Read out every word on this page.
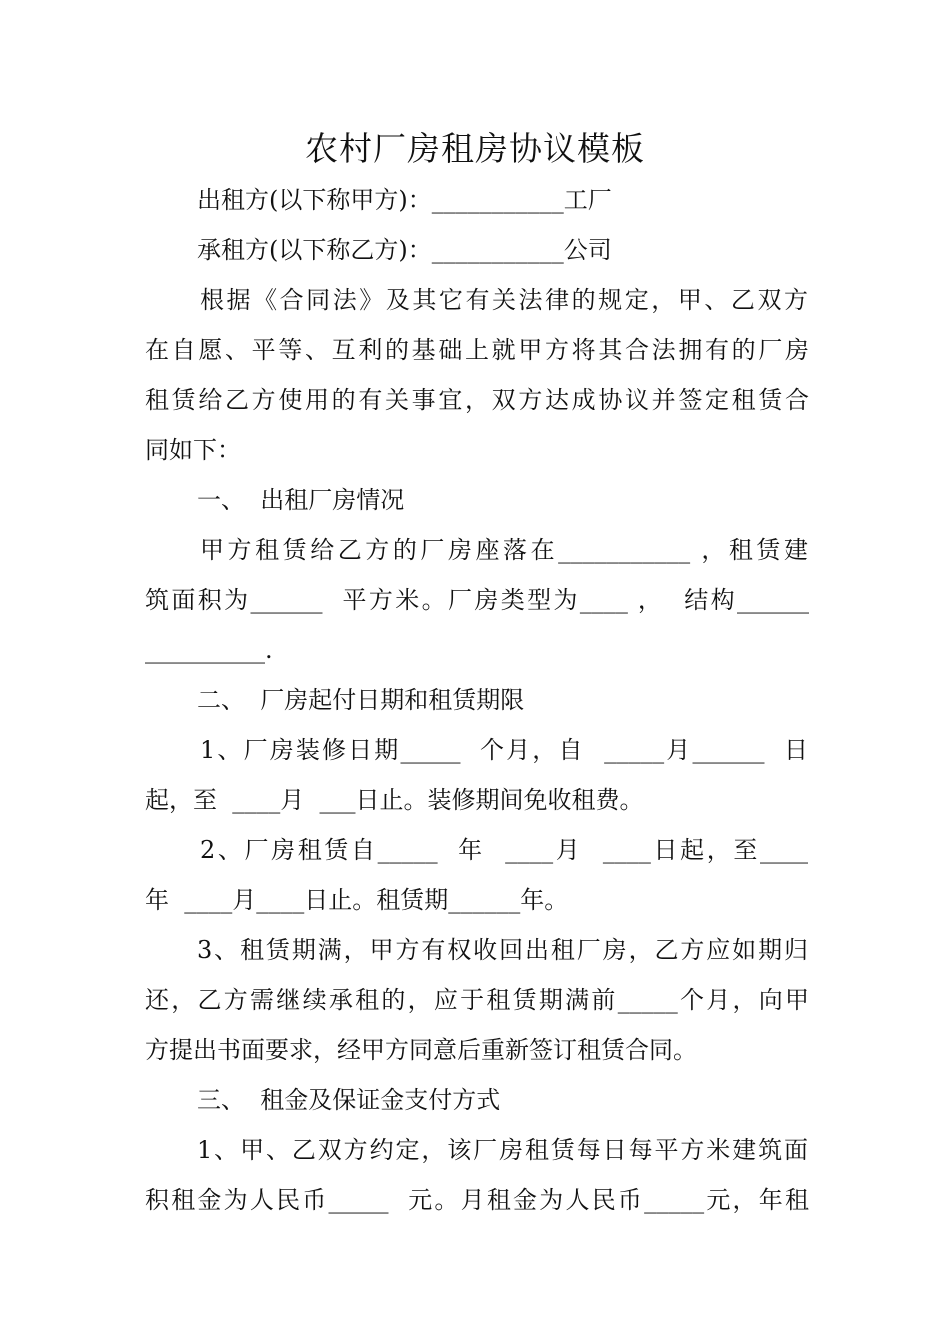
农村厂房租房协议模板
出租方(以下称甲方)：___________工厂
承租方(以下称乙方)：___________公司
根据《合同法》及其它有关法律的规定，甲、乙双方
在自愿、平等、互利的基础上就甲方将其合法拥有的厂房
租赁给乙方使用的有关事宜，双方达成协议并签定租赁合
同如下：
一、  出租厂房情况
甲方租赁给乙方的厂房座落在___________ ，租赁建
筑面积为______  平方米。厂房类型为____ ，  结构______
__________.
二、  厂房起付日期和租赁期限
1、厂房装修日期_____  个月，自  _____月______  日
起，至  ____月  ___日止。装修期间免收租费。
2、厂房租赁自_____  年  ____月  ____日起，至____
年  ____月____日止。租赁期______年。
3、租赁期满，甲方有权收回出租厂房，乙方应如期归
还，乙方需继续承租的，应于租赁期满前_____个月，向甲
方提出书面要求，经甲方同意后重新签订租赁合同。
三、  租金及保证金支付方式
1、甲、乙双方约定，该厂房租赁每日每平方米建筑面
积租金为人民币_____  元。月租金为人民币_____元，年租
